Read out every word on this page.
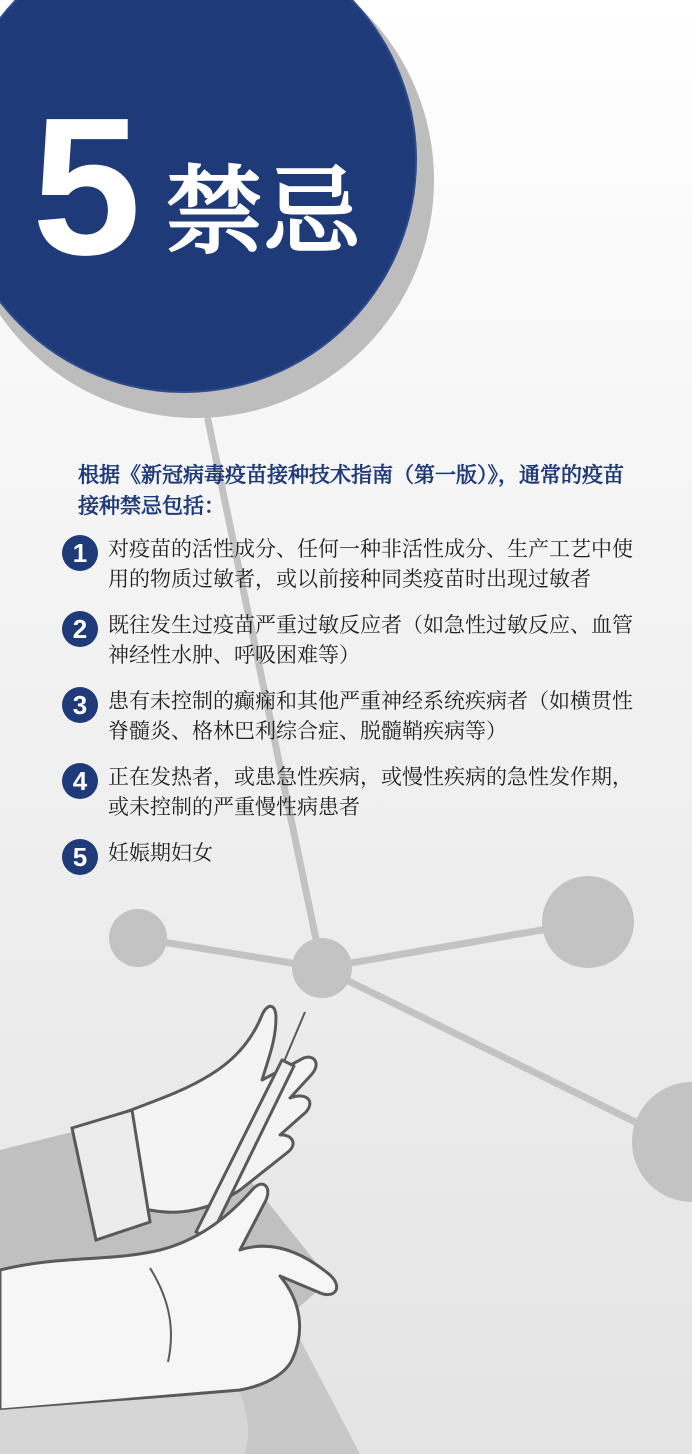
5 禁忌
根据《新冠病毒疫苗接种技术指南（第一版）》，通常的疫苗接种禁忌包括：
1 对疫苗的活性成分、任何一种非活性成分、生产工艺中使用的物质过敏者，或以前接种同类疫苗时出现过敏者
2 既往发生过疫苗严重过敏反应者（如急性过敏反应、血管神经性水肿、呼吸困难等）
3 患有未控制的癫痫和其他严重神经系统疾病者（如横贯性脊髓炎、格林巴利综合症、脱髓鞘疾病等）
4 正在发热者，或患急性疾病，或慢性疾病的急性发作期，或未控制的严重慢性病患者
5 妊娠期妇女
